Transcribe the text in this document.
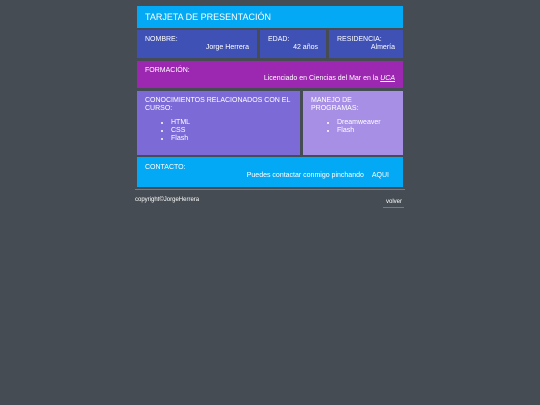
TARJETA DE PRESENTACIÓN
NOMBRE:
Jorge Herrera
EDAD:
42 años
RESIDENCIA:
Almería
FORMACIÓN:
Licenciado en Ciencias del Mar en la UCA
CONOCIMIENTOS RELACIONADOS CON EL CURSO:
• HTML
• CSS
• Flash
MANEJO DE PROGRAMAS:
• Dreamweaver
• Flash
CONTACTO:
Puedes contactar conmigo pinchando AQUI
copyright©JorgeHerrera	volver
